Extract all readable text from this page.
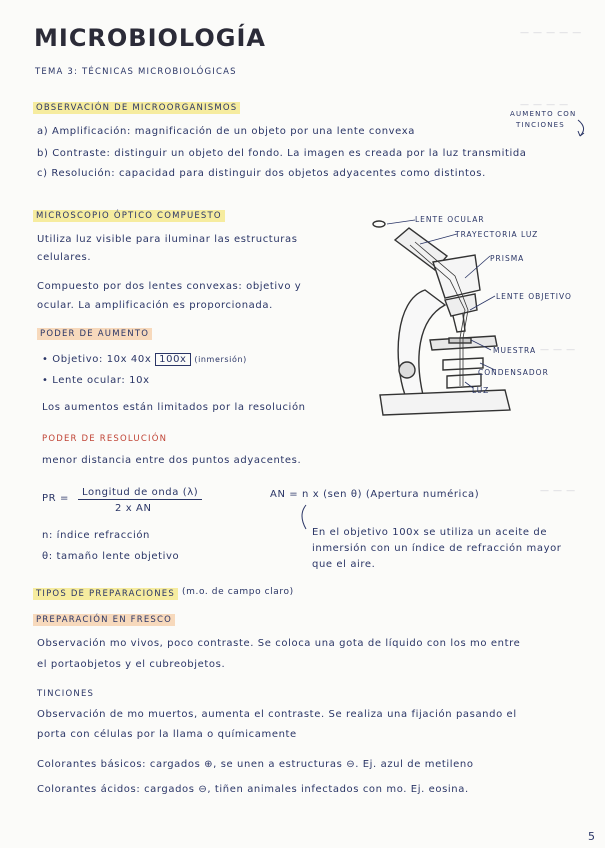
— — — — —
— — — —
— — —
— — —
MICROBIOLOGÍA
TEMA 3: TÉCNICAS MICROBIOLÓGICAS
AUMENTO CON
TINCIONES
OBSERVACIÓN DE MICROORGANISMOS
a) Amplificación: magnificación de un objeto por una lente convexa
b) Contraste: distinguir un objeto del fondo. La imagen es creada por la luz transmitida
c) Resolución: capacidad para distinguir dos objetos adyacentes como distintos.
MICROSCOPIO ÓPTICO COMPUESTO
Utiliza luz visible para iluminar las estructuras
celulares.
Compuesto por dos lentes convexas: objetivo y
ocular. La amplificación es proporcionada.
PODER DE AUMENTO
• Objetivo: 10x 40x 100x (inmersión)
• Lente ocular: 10x
Los aumentos están limitados por la resolución
PODER DE RESOLUCIÓN
menor distancia entre dos puntos adyacentes.
PR =
Longitud de onda (λ)
2 x AN
AN = n x (sen θ) (Apertura numérica)
n: índice refracción
θ: tamaño lente objetivo
En el objetivo 100x se utiliza un aceite de
inmersión con un índice de refracción mayor
que el aire.
LENTE OCULAR
TRAYECTORIA LUZ
PRISMA
LENTE OBJETIVO
MUESTRA
CONDENSADOR
LUZ
TIPOS DE PREPARACIONES (m.o. de campo claro)
PREPARACIÓN EN FRESCO
Observación mo vivos, poco contraste. Se coloca una gota de líquido con los mo entre
el portaobjetos y el cubreobjetos.
TINCIONES
Observación de mo muertos, aumenta el contraste. Se realiza una fijación pasando el
porta con células por la llama o químicamente
Colorantes básicos: cargados ⊕, se unen a estructuras ⊖. Ej. azul de metileno
Colorantes ácidos: cargados ⊖, tiñen animales infectados con mo. Ej. eosina.
5
